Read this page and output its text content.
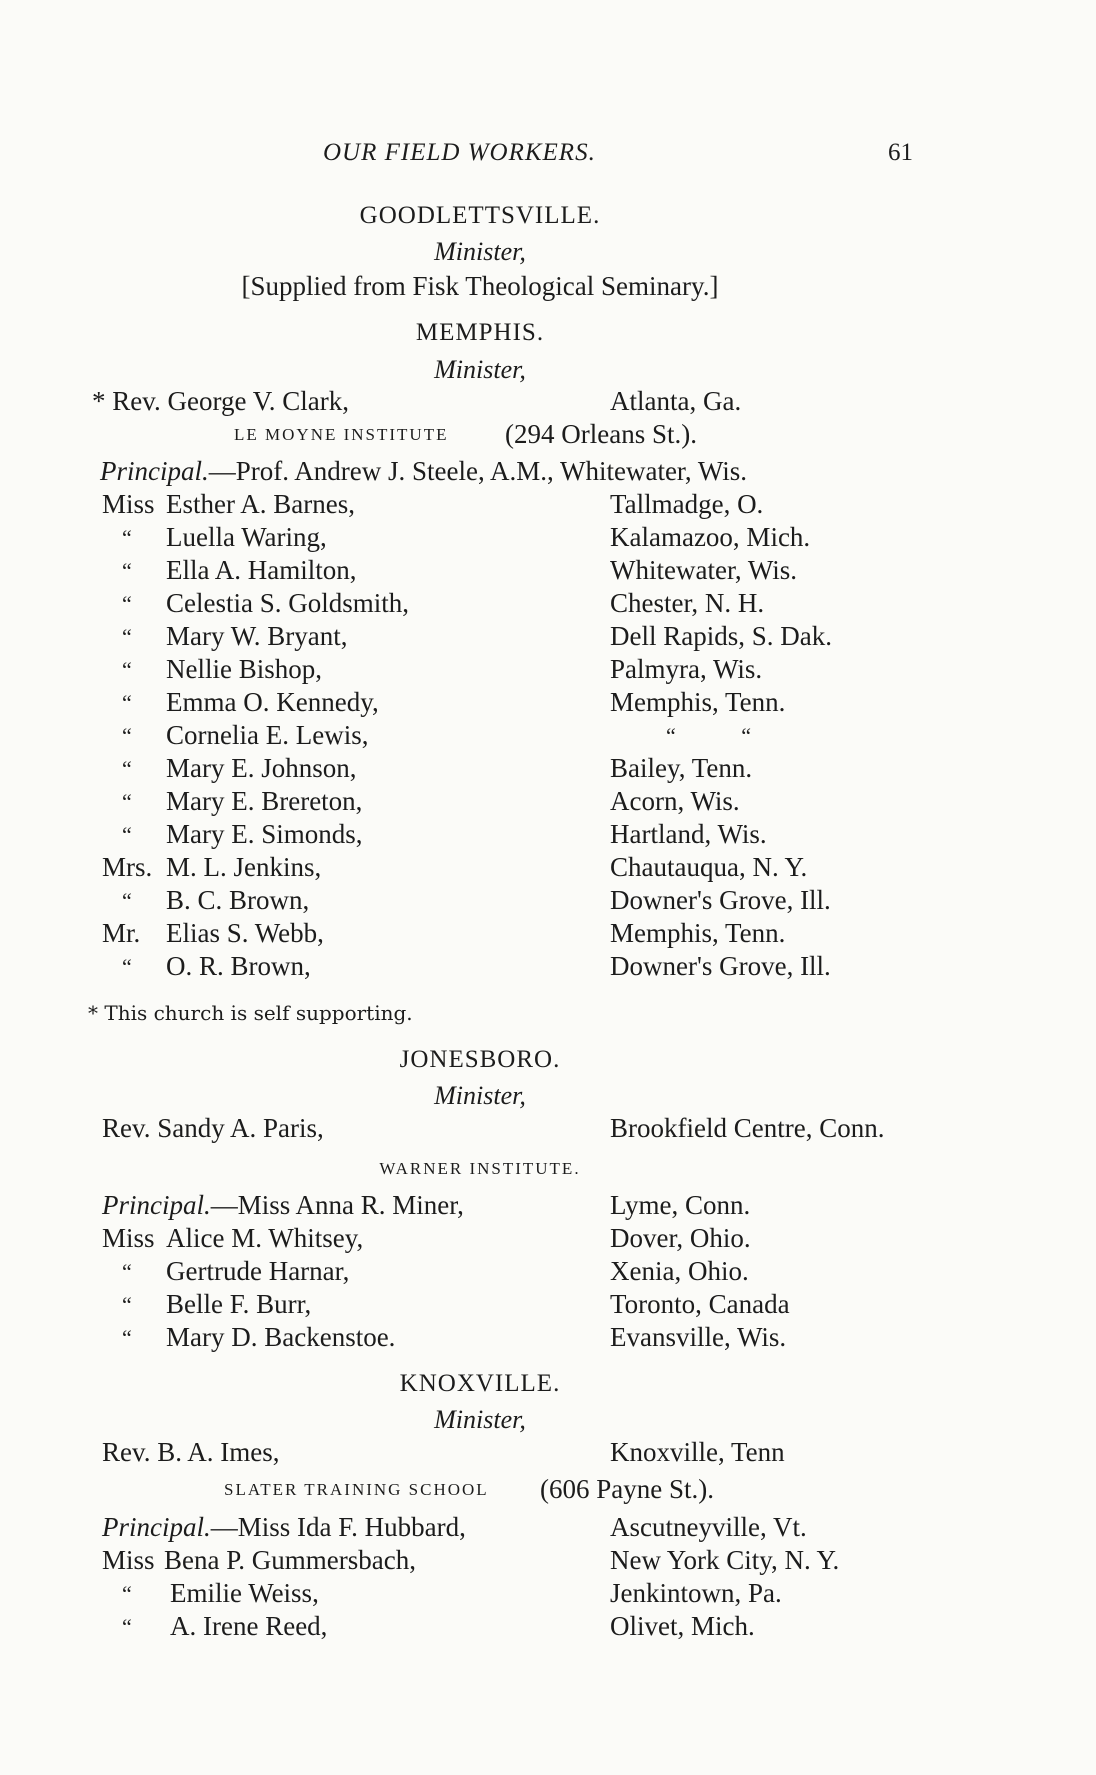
OUR FIELD WORKERS.	61
GOODLETTSVILLE.
Minister,
[Supplied from Fisk Theological Seminary.]
MEMPHIS.
Minister,
* Rev. George V. Clark,	Atlanta, Ga.
LE MOYNE INSTITUTE (294 Orleans St.).
Principal.—Prof. Andrew J. Steele, A.M., Whitewater, Wis.
Miss Esther A. Barnes,	Tallmadge, O.
“ Luella Waring,	Kalamazoo, Mich.
“ Ella A. Hamilton,	Whitewater, Wis.
“ Celestia S. Goldsmith,	Chester, N. H.
“ Mary W. Bryant,	Dell Rapids, S. Dak.
“ Nellie Bishop,	Palmyra, Wis.
“ Emma O. Kennedy,	Memphis, Tenn.
“ Cornelia E. Lewis,	“ “
“ Mary E. Johnson,	Bailey, Tenn.
“ Mary E. Brereton,	Acorn, Wis.
“ Mary E. Simonds,	Hartland, Wis.
Mrs. M. L. Jenkins,	Chautauqua, N. Y.
“ B. C. Brown,	Downer's Grove, Ill.
Mr. Elias S. Webb,	Memphis, Tenn.
“ O. R. Brown,	Downer's Grove, Ill.
* This church is self supporting.
JONESBORO.
Minister,
Rev. Sandy A. Paris,	Brookfield Centre, Conn.
WARNER INSTITUTE.
Principal.—Miss Anna R. Miner,	Lyme, Conn.
Miss Alice M. Whitsey,	Dover, Ohio.
“ Gertrude Harnar,	Xenia, Ohio.
“ Belle F. Burr,	Toronto, Canada
“ Mary D. Backenstoe.	Evansville, Wis.
KNOXVILLE.
Minister,
Rev. B. A. Imes,	Knoxville, Tenn
SLATER TRAINING SCHOOL (606 Payne St.).
Principal.—Miss Ida F. Hubbard,	Ascutneyville, Vt.
Miss Bena P. Gummersbach,	New York City, N. Y.
“ Emilie Weiss,	Jenkintown, Pa.
“ A. Irene Reed,	Olivet, Mich.
